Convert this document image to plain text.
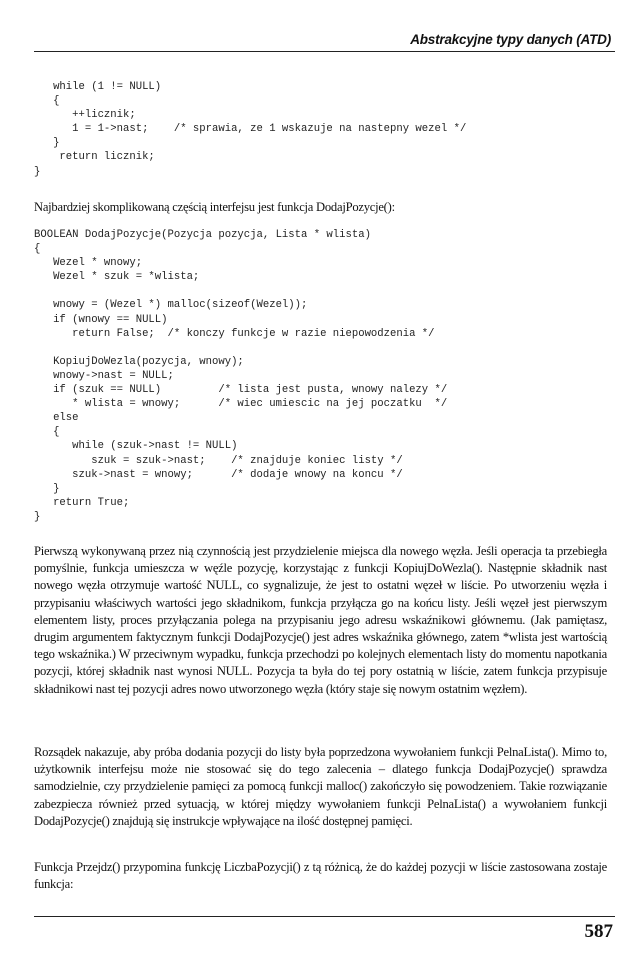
Abstrakcyjne typy danych (ATD)
while (1 != NULL)
{
++licznik;
1 = 1->nast;    /* sprawia, ze 1 wskazuje na nastepny wezel */
}
return licznik;
}

Najbardziej skomplikowaną częścią interfejsu jest funkcja DodajPozycje():

BOOLEAN DodajPozycje(Pozycja pozycja, Lista * wlista)
{
Wezel * wnowy;
Wezel * szuk = *wlista;

wnowy = (Wezel *) malloc(sizeof(Wezel));
if (wnowy == NULL)
return False;  /* konczy funkcje w razie niepowodzenia */

KopiujDoWezla(pozycja, wnowy);
wnowy->nast = NULL;
if (szuk == NULL)         /* lista jest pusta, wnowy nalezy */
* wlista = wnowy;      /* wiec umiescic na jej poczatku  */
else
{
while (szuk->nast != NULL)
szuk = szuk->nast;    /* znajduje koniec listy */
szuk->nast = wnowy;      /* dodaje wnowy na koncu */
}
return True;
}

Pierwszą wykonywaną przez nią czynnością jest przydzielenie miejsca dla nowego węzła. Jeśli operacja ta przebiegła pomyślnie, funkcja umieszcza w węźle pozycję, korzystając z funkcji KopiujDoWezla(). Następnie składnik nast nowego węzła otrzymuje wartość NULL, co sygnalizuje, że jest to ostatni węzeł w liście. Po utworzeniu węzła i przypisaniu właściwych wartości jego składnikom, funkcja przyłącza go na końcu listy. Jeśli węzeł jest pierwszym elementem listy, proces przyłączania polega na przypisaniu jego adresu wskaźnikowi głównemu. (Jak pamiętasz, drugim argumentem faktycznym funkcji DodajPozycje() jest adres wskaźnika głównego, zatem *wlista jest wartością tego wskaźnika.) W przeciwnym wypadku, funkcja przechodzi po kolejnych elementach listy do momentu napotkania pozycji, której składnik nast wynosi NULL. Pozycja ta była do tej pory ostatnią w liście, zatem funkcja przypisuje składnikowi nast tej pozycji adres nowo utworzonego węzła (który staje się nowym ostatnim węzłem).

Rozsądek nakazuje, aby próba dodania pozycji do listy była poprzedzona wywołaniem funkcji PelnaLista(). Mimo to, użytkownik interfejsu może nie stosować się do tego zalecenia – dlatego funkcja DodajPozycje() sprawdza samodzielnie, czy przydzielenie pamięci za pomocą funkcji malloc() zakończyło się powodzeniem. Takie rozwiązanie zabezpiecza również przed sytuacją, w której między wywołaniem funkcji PelnaLista() a wywołaniem funkcji DodajPozycje() znajdują się instrukcje wpływające na ilość dostępnej pamięci.

Funkcja Przejdz() przypomina funkcję LiczbaPozycji() z tą różnicą, że do każdej pozycji w liście zastosowana zostaje funkcja:

587
